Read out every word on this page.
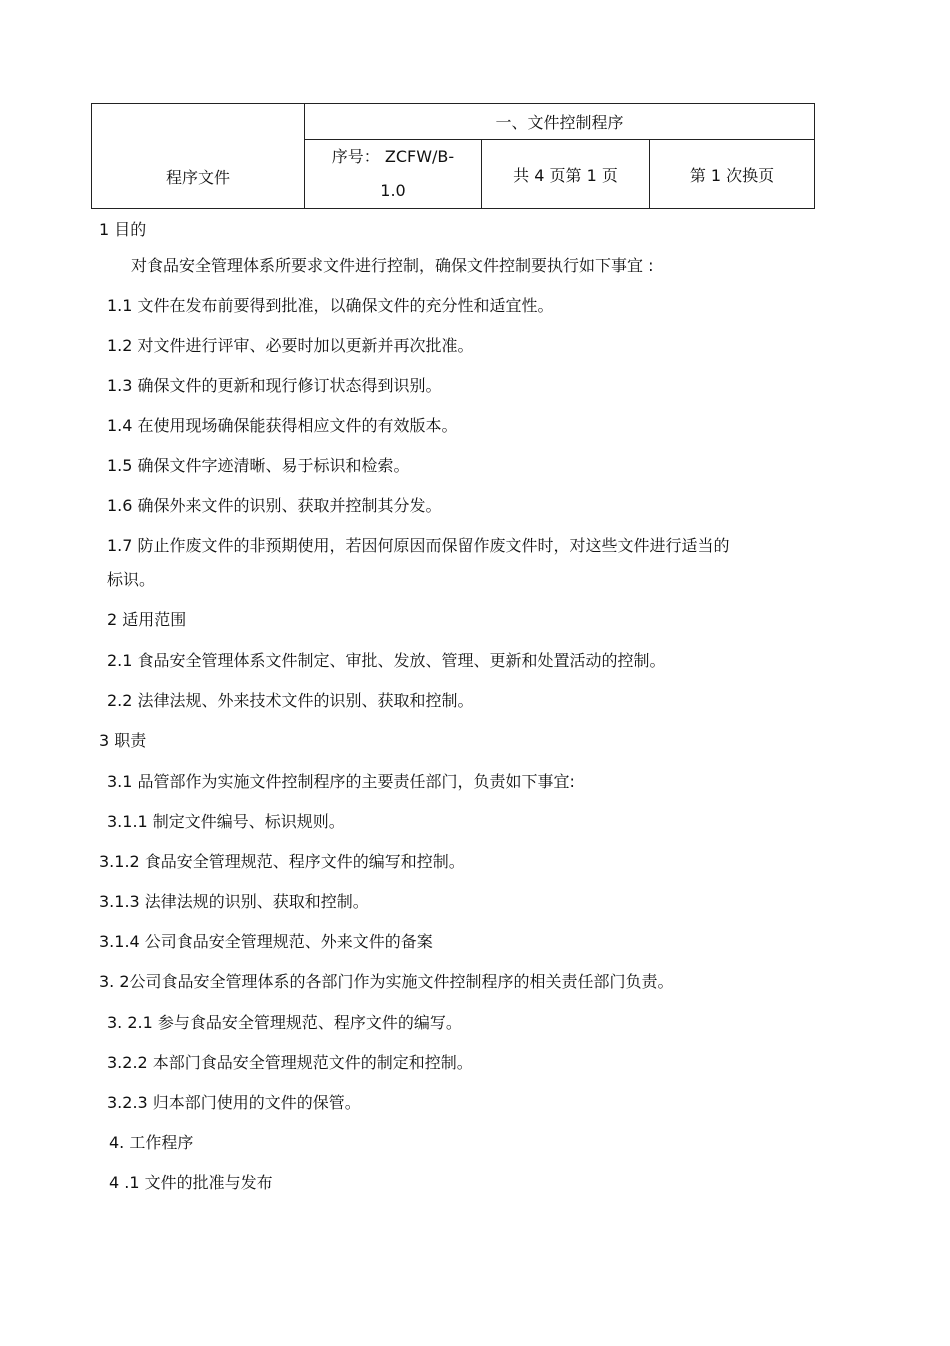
程序文件
一、文件控制程序
序号： ZCFW/B-
1.0
共 4 页第 1 页	第 1 次换页
1 目的
对食品安全管理体系所要求文件进行控制，确保文件控制要执行如下事宜 :
1.1 文件在发布前要得到批准，以确保文件的充分性和适宜性。
1.2 对文件进行评审、必要时加以更新并再次批准。
1.3 确保文件的更新和现行修订状态得到识别。
1.4 在使用现场确保能获得相应文件的有效版本。
1.5 确保文件字迹清晰、易于标识和检索。
1.6 确保外来文件的识别、获取并控制其分发。
1.7 防止作废文件的非预期使用，若因何原因而保留作废文件时，对这些文件进行适当的
标识。
2 适用范围
2.1 食品安全管理体系文件制定、审批、发放、管理、更新和处置活动的控制。
2.2 法律法规、外来技术文件的识别、获取和控制。
3 职责
3.1 品管部作为实施文件控制程序的主要责任部门，负责如下事宜:
3.1.1 制定文件编号、标识规则。
3.1.2 食品安全管理规范、程序文件的编写和控制。
3.1.3 法律法规的识别、获取和控制。
3.1.4 公司食品安全管理规范、外来文件的备案
3. 2公司食品安全管理体系的各部门作为实施文件控制程序的相关责任部门负责。
3. 2.1 参与食品安全管理规范、程序文件的编写。
3.2.2 本部门食品安全管理规范文件的制定和控制。
3.2.3 归本部门使用的文件的保管。
4. 工作程序
4 .1 文件的批准与发布
